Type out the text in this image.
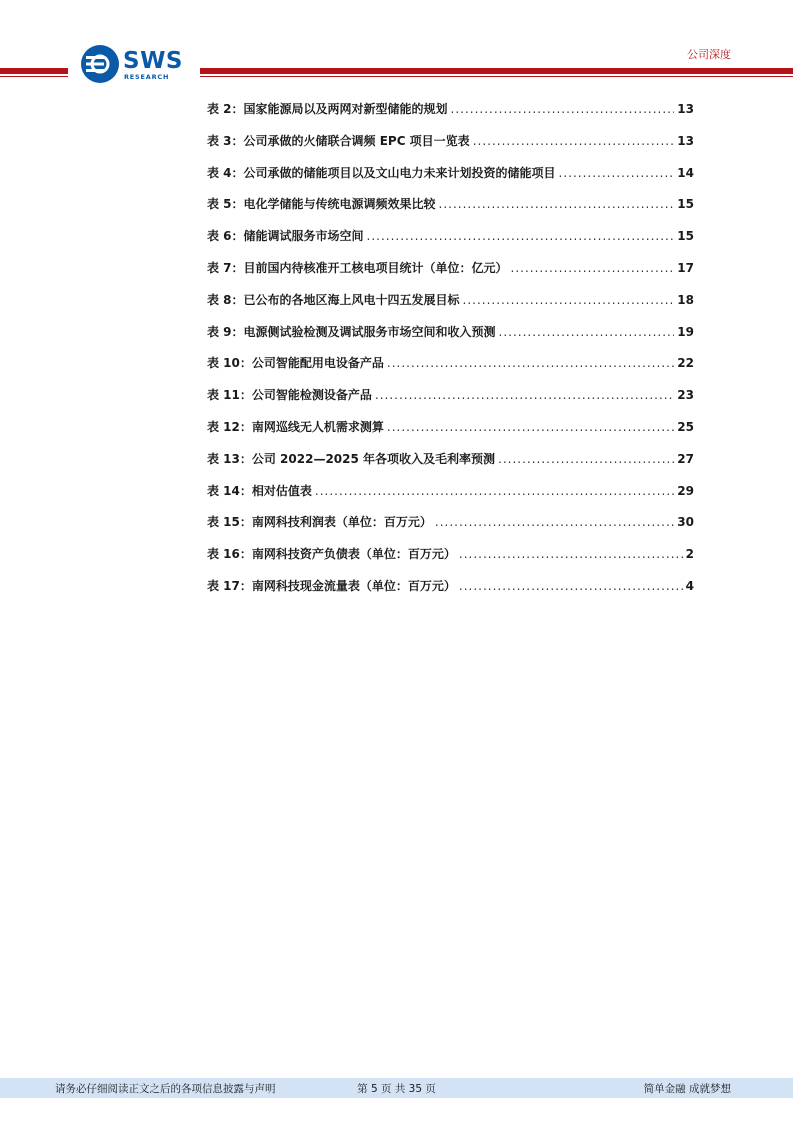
SWS
RESEARCH
公司深度
表 2：国家能源局以及两网对新型储能的规划 .....	13
表 3：公司承做的火储联合调频 EPC 项目一览表 .....	13
表 4：公司承做的储能项目以及文山电力未来计划投资的储能项目 .....	14
表 5：电化学储能与传统电源调频效果比较 .....	15
表 6：储能调试服务市场空间 .....	15
表 7：目前国内待核准开工核电项目统计（单位：亿元） .....	17
表 8：已公布的各地区海上风电十四五发展目标 .....	18
表 9：电源侧试验检测及调试服务市场空间和收入预测 .....	19
表 10：公司智能配用电设备产品 .....	22
表 11：公司智能检测设备产品 .....	23
表 12：南网巡线无人机需求测算 .....	25
表 13：公司 2022—2025 年各项收入及毛利率预测 .....	27
表 14：相对估值表 .....	29
表 15：南网科技利润表（单位：百万元） .....	30
表 16：南网科技资产负债表（单位：百万元） .....	2
表 17：南网科技现金流量表（单位：百万元） .....	4
请务必仔细阅读正文之后的各项信息披露与声明	第 5 页 共 35 页	简单金融 成就梦想
